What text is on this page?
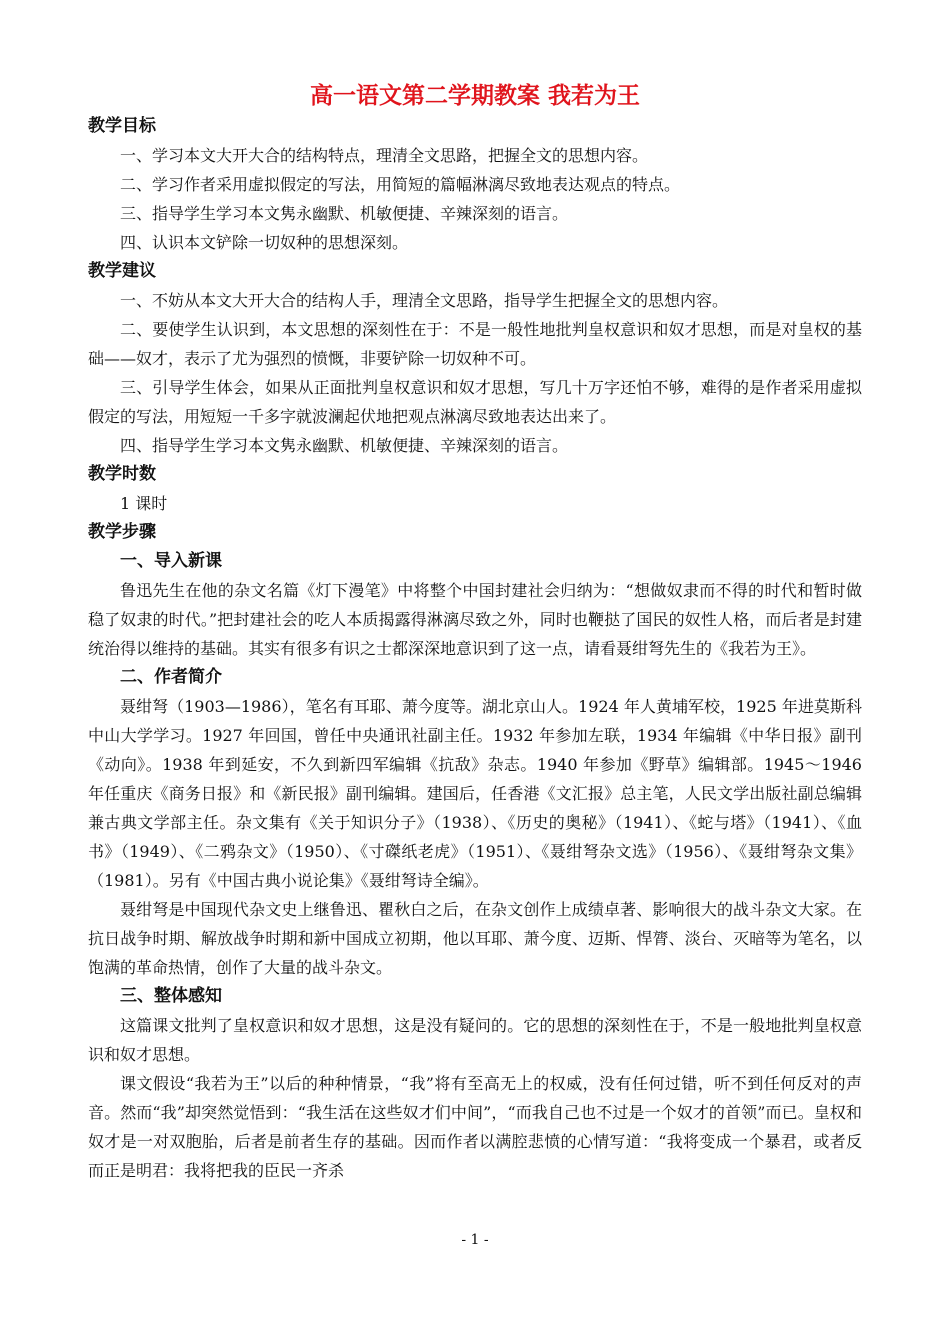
高一语文第二学期教案 我若为王

教学目标

一、学习本文大开大合的结构特点，理清全文思路，把握全文的思想内容。

二、学习作者采用虚拟假定的写法，用简短的篇幅淋漓尽致地表达观点的特点。

三、指导学生学习本文隽永幽默、机敏便捷、辛辣深刻的语言。

四、认识本文铲除一切奴种的思想深刻。

教学建议

一、不妨从本文大开大合的结构人手，理清全文思路，指导学生把握全文的思想内容。

二、要使学生认识到，本文思想的深刻性在于：不是一般性地批判皇权意识和奴才思想，而是对皇权的基础——奴才，表示了尤为强烈的愤慨，非要铲除一切奴种不可。

三、引导学生体会，如果从正面批判皇权意识和奴才思想，写几十万字还怕不够，难得的是作者采用虚拟假定的写法，用短短一千多字就波澜起伏地把观点淋漓尽致地表达出来了。

四、指导学生学习本文隽永幽默、机敏便捷、辛辣深刻的语言。

教学时数

1 课时

教学步骤

一、导入新课

鲁迅先生在他的杂文名篇《灯下漫笔》中将整个中国封建社会归纳为：“想做奴隶而不得的时代和暂时做稳了奴隶的时代。”把封建社会的吃人本质揭露得淋漓尽致之外，同时也鞭挞了国民的奴性人格，而后者是封建统治得以维持的基础。其实有很多有识之士都深深地意识到了这一点，请看聂绀弩先生的《我若为王》。

二、作者简介

聂绀弩（1903—1986），笔名有耳耶、萧今度等。湖北京山人。1924 年人黄埔军校，1925 年进莫斯科中山大学学习。1927 年回国，曾任中央通讯社副主任。1932 年参加左联，1934 年编辑《中华日报》副刊《动向》。1938 年到延安，不久到新四军编辑《抗敌》杂志。1940 年参加《野草》编辑部。1945～1946 年任重庆《商务日报》和《新民报》副刊编辑。建国后，任香港《文汇报》总主笔，人民文学出版社副总编辑兼古典文学部主任。杂文集有《关于知识分子》（1938）、《历史的奥秘》（1941）、《蛇与塔》（1941）、《血书》（1949）、《二鸦杂文》（1950）、《寸磔纸老虎》（1951）、《聂绀弩杂文选》（1956）、《聂绀弩杂文集》（1981）。另有《中国古典小说论集》《聂绀弩诗全编》。

聂绀弩是中国现代杂文史上继鲁迅、瞿秋白之后，在杂文创作上成绩卓著、影响很大的战斗杂文大家。在抗日战争时期、解放战争时期和新中国成立初期，他以耳耶、萧今度、迈斯、悍膂、淡台、灭暗等为笔名，以饱满的革命热情，创作了大量的战斗杂文。

三、整体感知

这篇课文批判了皇权意识和奴才思想，这是没有疑问的。它的思想的深刻性在于，不是一般地批判皇权意识和奴才思想。

课文假设“我若为王”以后的种种情景，“我”将有至高无上的权威，没有任何过错，听不到任何反对的声音。然而“我”却突然觉悟到：“我生活在这些奴才们中间”，“而我自己也不过是一个奴才的首领”而已。皇权和奴才是一对双胞胎，后者是前者生存的基础。因而作者以满腔悲愤的心情写道：“我将变成一个暴君，或者反而正是明君：我将把我的臣民一齐杀

- 1 -
